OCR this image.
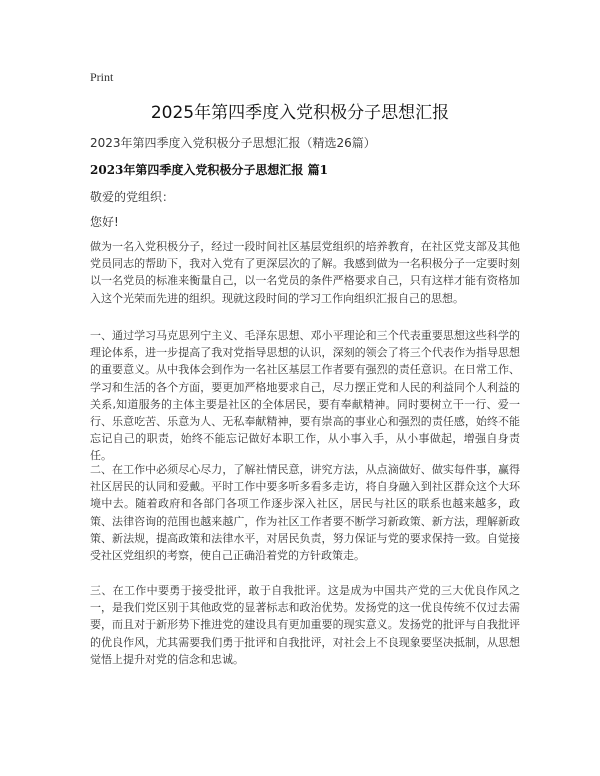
Print
2025年第四季度入党积极分子思想汇报
2023年第四季度入党积极分子思想汇报（精选26篇）
2023年第四季度入党积极分子思想汇报 篇1
敬爱的党组织：
您好!
做为一名入党积极分子，经过一段时间社区基层党组织的培养教育，在社区党支部及其他党员同志的帮助下，我对入党有了更深层次的了解。我感到做为一名积极分子一定要时刻以一名党员的标准来衡量自己，以一名党员的条件严格要求自己，只有这样才能有资格加入这个光荣而先进的组织。现就这段时间的学习工作向组织汇报自己的思想。
一、通过学习马克思列宁主义、毛泽东思想、邓小平理论和三个代表重要思想这些科学的理论体系，进一步提高了我对党指导思想的认识，深刻的领会了将三个代表作为指导思想的重要意义。从中我体会到作为一名社区基层工作者要有强烈的责任意识。在日常工作、学习和生活的各个方面，要更加严格地要求自己，尽力摆正党和人民的利益同个人利益的关系,知道服务的主体主要是社区的全体居民，要有奉献精神。同时要树立干一行、爱一行、乐意吃苦、乐意为人、无私奉献精神，要有崇高的事业心和强烈的责任感，始终不能忘记自己的职责，始终不能忘记做好本职工作，从小事入手，从小事做起，增强自身责任。
二、在工作中必须尽心尽力，了解社情民意，讲究方法，从点滴做好、做实每件事，赢得社区居民的认同和爱戴。平时工作中要多听多看多走访，将自身融入到社区群众这个大环境中去。随着政府和各部门各项工作逐步深入社区，居民与社区的联系也越来越多，政策、法律咨询的范围也越来越广，作为社区工作者要不断学习新政策、新方法，理解新政策、新法规，提高政策和法律水平，对居民负责，努力保证与党的要求保持一致。自觉接受社区党组织的考察，使自己正确沿着党的方针政策走。
三、在工作中要勇于接受批评，敢于自我批评。这是成为中国共产党的三大优良作风之一，是我们党区别于其他政党的显著标志和政治优势。发扬党的这一优良传统不仅过去需要，而且对于新形势下推进党的建设具有更加重要的现实意义。发扬党的批评与自我批评的优良作风，尤其需要我们勇于批评和自我批评，对社会上不良现象要坚决抵制，从思想觉悟上提升对党的信念和忠诚。
